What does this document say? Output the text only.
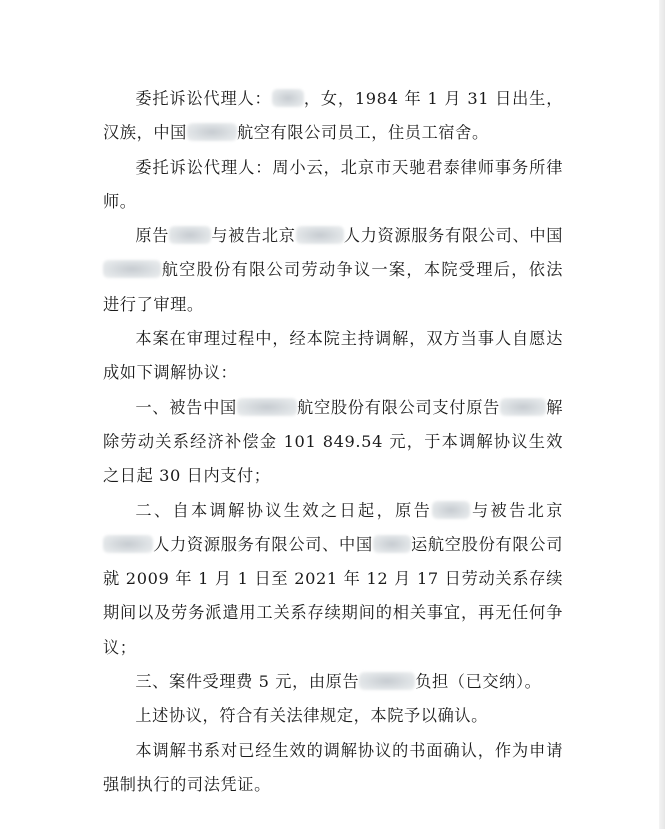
委托诉讼代理人： ，女，1984 年 1 月 31 日出生，汉族，中国	航空有限公司员工，住员工宿舍。

委托诉讼代理人：周小云，北京市天驰君泰律师事务所律师。

原告	与被告北京	人力资源服务有限公司、中国航空股份有限公司劳动争议一案，本院受理后，依法进行了审理。

本案在审理过程中，经本院主持调解，双方当事人自愿达成如下调解协议：

一、被告中国	航空股份有限公司支付原告	解除劳动关系经济补偿金 101 849.54 元，于本调解协议生效之日起 30 日内支付；

二、自本调解协议生效之日起，原告 与被告北京人力资源服务有限公司、中国 运航空股份有限公司就 2009 年 1 月 1 日至 2021 年 12 月 17 日劳动关系存续期间以及劳务派遣用工关系存续期间的相关事宜，再无任何争议；

三、案件受理费 5 元，由原告	负担（已交纳）。

上述协议，符合有关法律规定，本院予以确认。

本调解书系对已经生效的调解协议的书面确认，作为申请强制执行的司法凭证。
